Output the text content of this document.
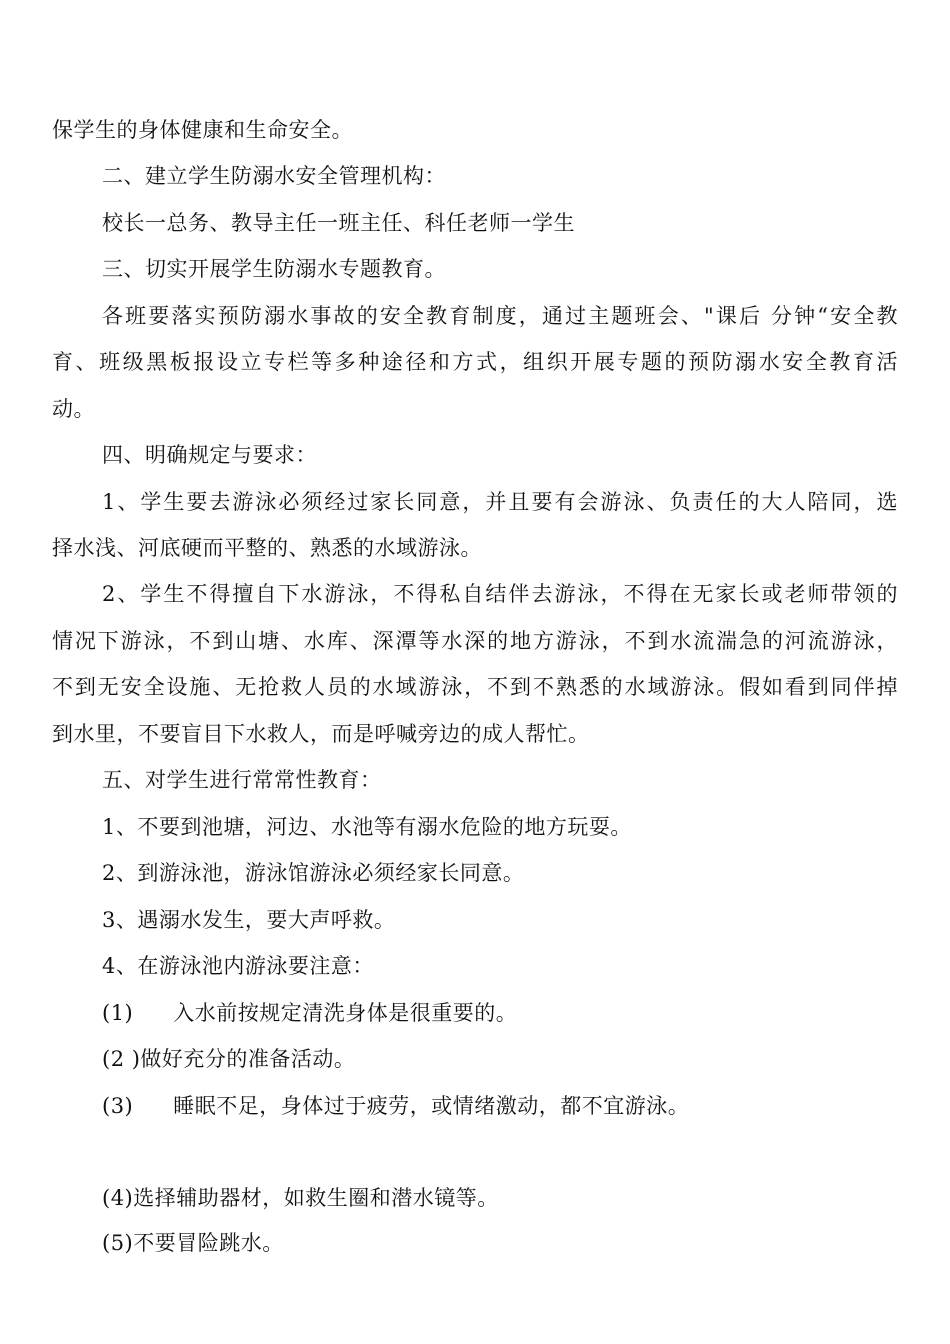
保学生的身体健康和生命安全。
二、建立学生防溺水安全管理机构：
校长一总务、教导主任一班主任、科任老师一学生
三、切实开展学生防溺水专题教育。
各班要落实预防溺水事故的安全教育制度，通过主题班会、"课后 分钟“安全教
育、班级黑板报设立专栏等多种途径和方式，组织开展专题的预防溺水安全教育活
动。
四、明确规定与要求：
1、学生要去游泳必须经过家长同意，并且要有会游泳、负责任的大人陪同，选
择水浅、河底硬而平整的、熟悉的水域游泳。
2、学生不得擅自下水游泳，不得私自结伴去游泳，不得在无家长或老师带领的
情况下游泳，不到山塘、水库、深潭等水深的地方游泳，不到水流湍急的河流游泳，
不到无安全设施、无抢救人员的水域游泳，不到不熟悉的水域游泳。假如看到同伴掉
到水里，不要盲目下水救人，而是呼喊旁边的成人帮忙。
五、对学生进行常常性教育：
1、不要到池塘，河边、水池等有溺水危险的地方玩耍。
2、到游泳池，游泳馆游泳必须经家长同意。
3、遇溺水发生，要大声呼救。
4、在游泳池内游泳要注意：
(1) 入水前按规定清洗身体是很重要的。
(2 )做好充分的准备活动。
(3) 睡眠不足，身体过于疲劳，或情绪激动，都不宜游泳。
(4)选择辅助器材，如救生圈和潜水镜等。
(5)不要冒险跳水。
